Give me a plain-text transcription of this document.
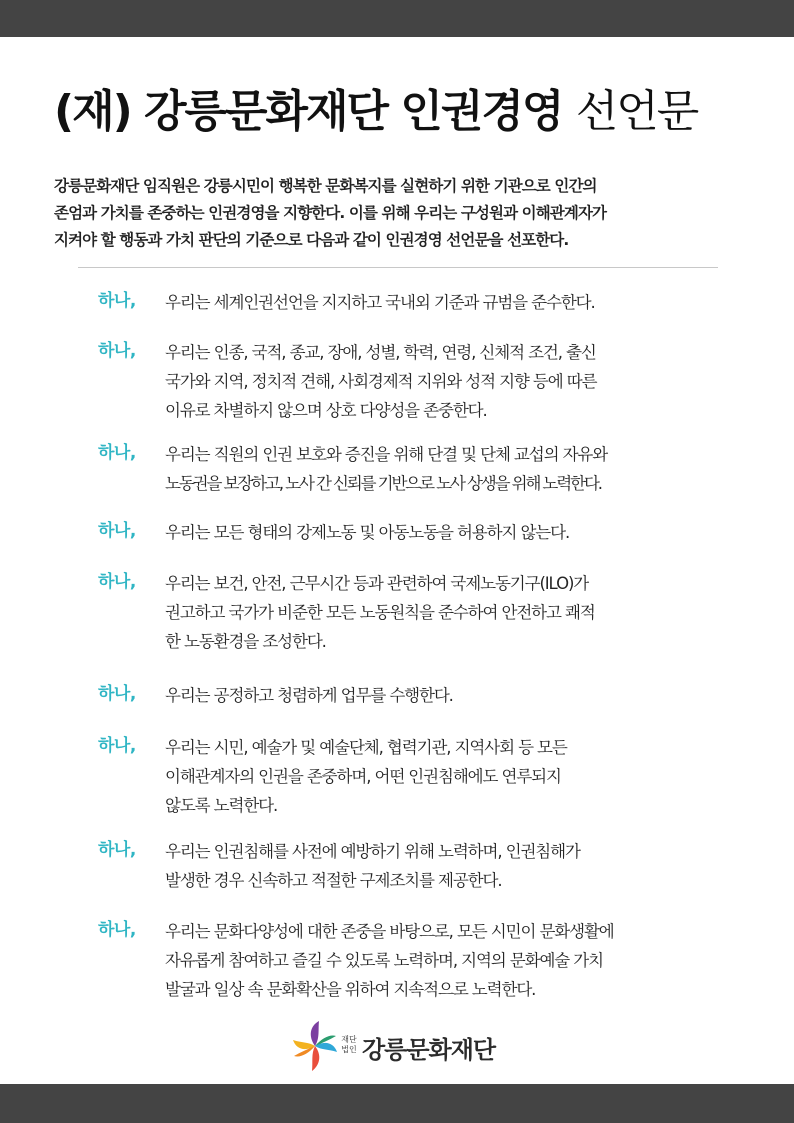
(재) 강릉문화재단 인권경영 선언문

강릉문화재단 임직원은 강릉시민이 행복한 문화복지를 실현하기 위한 기관으로 인간의
존엄과 가치를 존중하는 인권경영을 지향한다. 이를 위해 우리는 구성원과 이해관계자가
지켜야 할 행동과 가치 판단의 기준으로 다음과 같이 인권경영 선언문을 선포한다.

하나, 우리는 세계인권선언을 지지하고 국내외 기준과 규범을 준수한다.
하나, 우리는 인종, 국적, 종교, 장애, 성별, 학력, 연령, 신체적 조건, 출신
국가와 지역, 정치적 견해, 사회경제적 지위와 성적 지향 등에 따른
이유로 차별하지 않으며 상호 다양성을 존중한다.
하나, 우리는 직원의 인권 보호와 증진을 위해 단결 및 단체 교섭의 자유와
노동권을 보장하고, 노사 간 신뢰를 기반으로 노사 상생을 위해 노력한다.
하나, 우리는 모든 형태의 강제노동 및 아동노동을 허용하지 않는다.
하나, 우리는 보건, 안전, 근무시간 등과 관련하여 국제노동기구(ILO)가
권고하고 국가가 비준한 모든 노동원칙을 준수하여 안전하고 쾌적
한 노동환경을 조성한다.
하나, 우리는 공정하고 청렴하게 업무를 수행한다.
하나, 우리는 시민, 예술가 및 예술단체, 협력기관, 지역사회 등 모든
이해관계자의 인권을 존중하며, 어떤 인권침해에도 연루되지
않도록 노력한다.
하나, 우리는 인권침해를 사전에 예방하기 위해 노력하며, 인권침해가
발생한 경우 신속하고 적절한 구제조치를 제공한다.
하나, 우리는 문화다양성에 대한 존중을 바탕으로, 모든 시민이 문화생활에
자유롭게 참여하고 즐길 수 있도록 노력하며, 지역의 문화예술 가치
발굴과 일상 속 문화확산을 위하여 지속적으로 노력한다.
재단
법인 강릉문화재단
